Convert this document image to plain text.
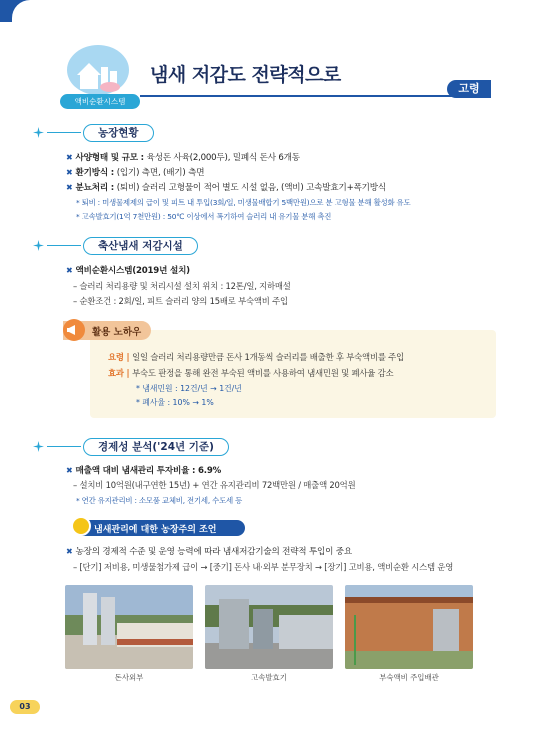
액비순환시스템
냄새 저감도 전략적으로
고령
농장현황
✖ 사양형태 및 규모 : 육성돈 사육(2,000두), 밀폐식 돈사 6개동
✖ 환기방식 : (입기) 측면, (배기) 측면
✖ 분뇨처리 : (퇴비) 슬러리 고형물이 적어 별도 시설 없음, (액비) 고속발효기+폭기방식
* 퇴비 : 미생물제제의 급이 및 피트 내 투입(3회/일, 미생물배합기 5백만원)으로 분 고형물 분해 활성화 유도
* 고속발효기(1억 7천만원) : 50℃ 이상에서 폭기하여 슬러리 내 유기물 분해 촉진
축산냄새 저감시설
✖ 액비순환시스템(2019년 설치)
– 슬러리 처리용량 및 처리시설 설치 위치 : 12톤/일, 지하매설
– 순환조건 : 2회/일, 피트 슬러리 양의 15배로 부숙액비 주입
활용 노하우
요령 | 일일 슬러리 처리용량만큼 돈사 1개동씩 슬러리를 배출한 후 부숙액비를 주입
효과 | 부숙도 판정을 통해 완전 부숙된 액비를 사용하여 냄새민원 및 폐사율 감소
* 냄새민원 : 12건/년 → 1건/년
* 폐사율 : 10% → 1%
경제성 분석('24년 기준)
✖ 매출액 대비 냄새관리 투자비율 : 6.9%
– 설치비 10억원(내구연한 15년) + 연간 유지관리비 72백만원 / 매출액 20억원
* 연간 유지관리비 : 소모품 교체비, 전기세, 수도세 등
냄새관리에 대한 농장주의 조언
✖ 농장의 경제적 수준 및 운영 능력에 따라 냄새저감기술의 전략적 투입이 중요
– [단기] 저비용, 미생물첨가제 급이 → [중기] 돈사 내·외부 분무장치 → [장기] 고비용, 액비순환 시스템 운영
돈사외부	고속발효기	부숙액비 주입배관
03
